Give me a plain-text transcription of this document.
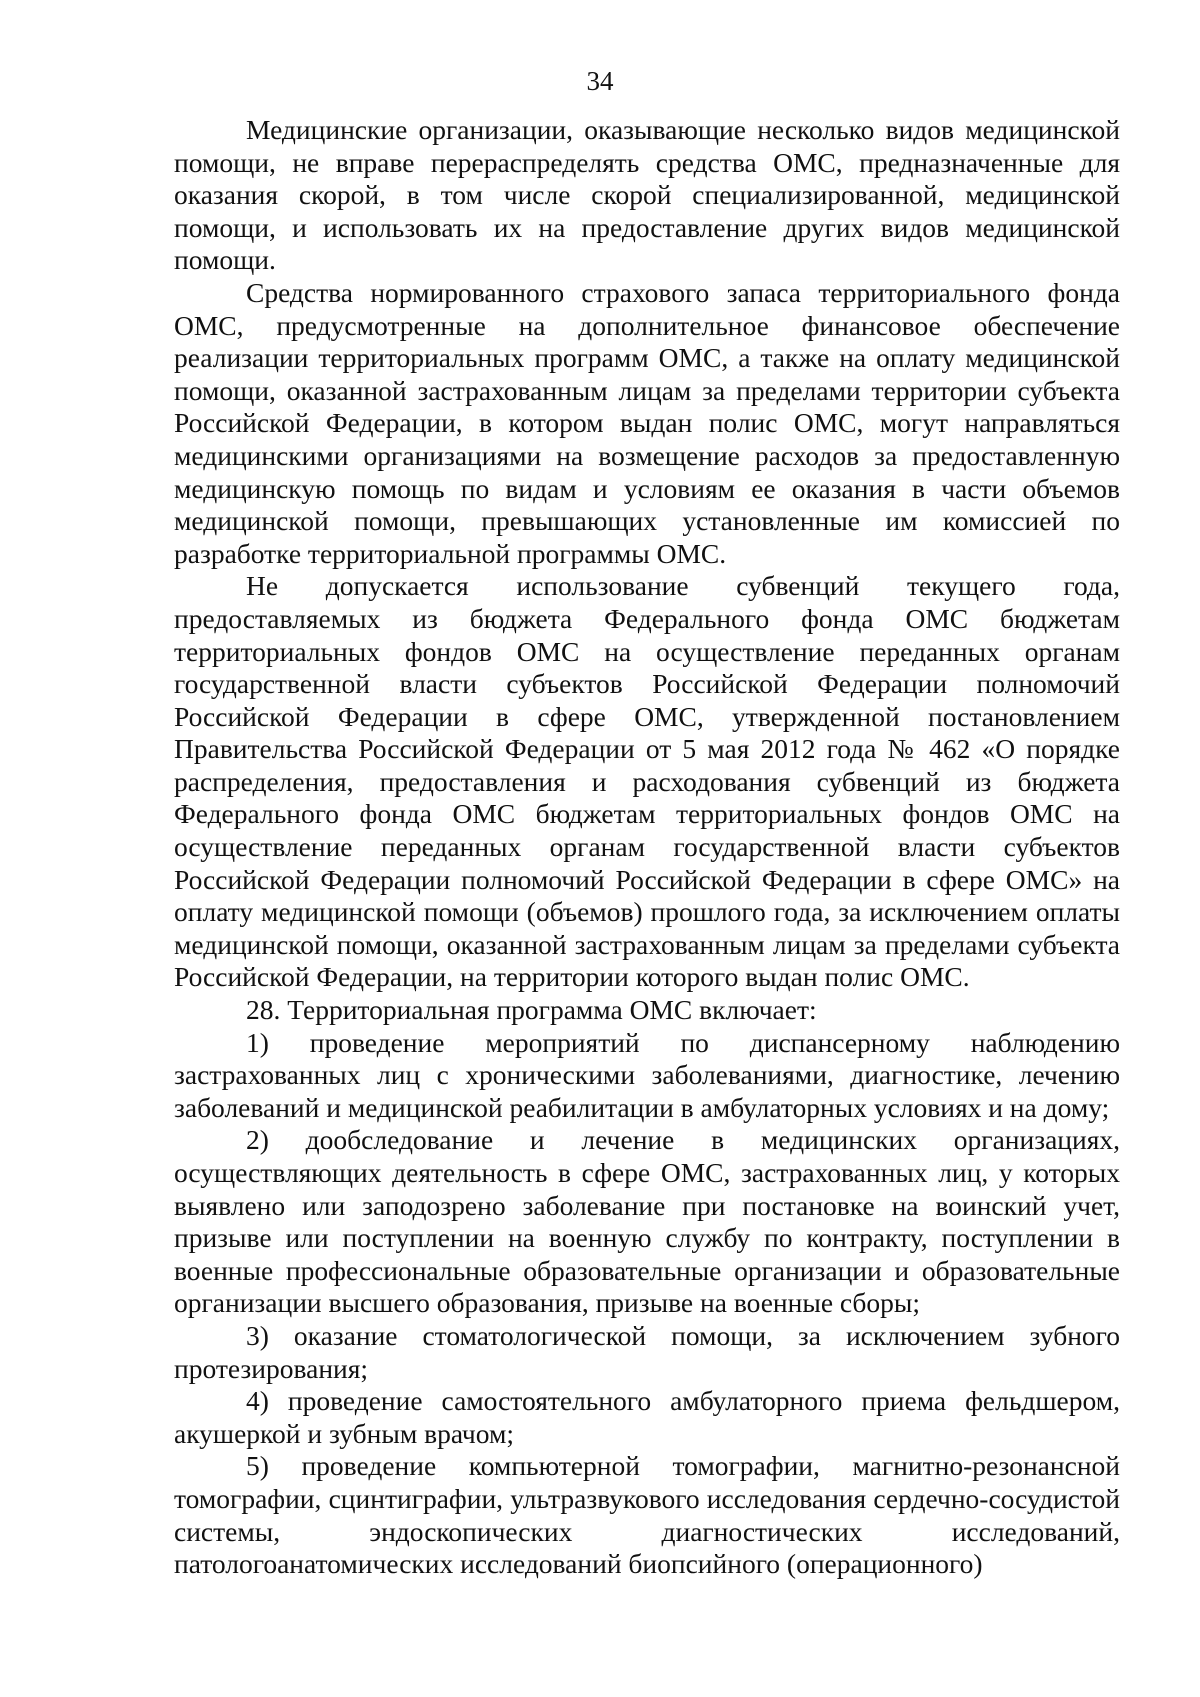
34

Медицинские организации, оказывающие несколько видов медицинской помощи, не вправе перераспределять средства ОМС, предназначенные для оказания скорой, в том числе скорой специализированной, медицинской помощи, и использовать их на предоставление других видов медицинской помощи.

Средства нормированного страхового запаса территориального фонда ОМС, предусмотренные на дополнительное финансовое обеспечение реализации территориальных программ ОМС, а также на оплату медицинской помощи, оказанной застрахованным лицам за пределами территории субъекта Российской Федерации, в котором выдан полис ОМС, могут направляться медицинскими организациями на возмещение расходов за предоставленную медицинскую помощь по видам и условиям ее оказания в части объемов медицинской помощи, превышающих установленные им комиссией по разработке территориальной программы ОМС.

Не допускается использование субвенций текущего года, предоставляемых из бюджета Федерального фонда ОМС бюджетам территориальных фондов ОМС на осуществление переданных органам государственной власти субъектов Российской Федерации полномочий Российской Федерации в сфере ОМС, утвержденной постановлением Правительства Российской Федерации от 5 мая 2012 года № 462 «О порядке распределения, предоставления и расходования субвенций из бюджета Федерального фонда ОМС бюджетам территориальных фондов ОМС на осуществление переданных органам государственной власти субъектов Российской Федерации полномочий Российской Федерации в сфере ОМС» на оплату медицинской помощи (объемов) прошлого года, за исключением оплаты медицинской помощи, оказанной застрахованным лицам за пределами субъекта Российской Федерации, на территории которого выдан полис ОМС.

28. Территориальная программа ОМС включает:

1) проведение мероприятий по диспансерному наблюдению застрахованных лиц с хроническими заболеваниями, диагностике, лечению заболеваний и медицинской реабилитации в амбулаторных условиях и на дому;

2) дообследование и лечение в медицинских организациях, осуществляющих деятельность в сфере ОМС, застрахованных лиц, у которых выявлено или заподозрено заболевание при постановке на воинский учет, призыве или поступлении на военную службу по контракту, поступлении в военные профессиональные образовательные организации и образовательные организации высшего образования, призыве на военные сборы;

3) оказание стоматологической помощи, за исключением зубного протезирования;

4) проведение самостоятельного амбулаторного приема фельдшером, акушеркой и зубным врачом;

5) проведение компьютерной томографии, магнитно-резонансной томографии, сцинтиграфии, ультразвукового исследования сердечно-сосудистой системы, эндоскопических диагностических исследований, патологоанатомических исследований биопсийного (операционного)
